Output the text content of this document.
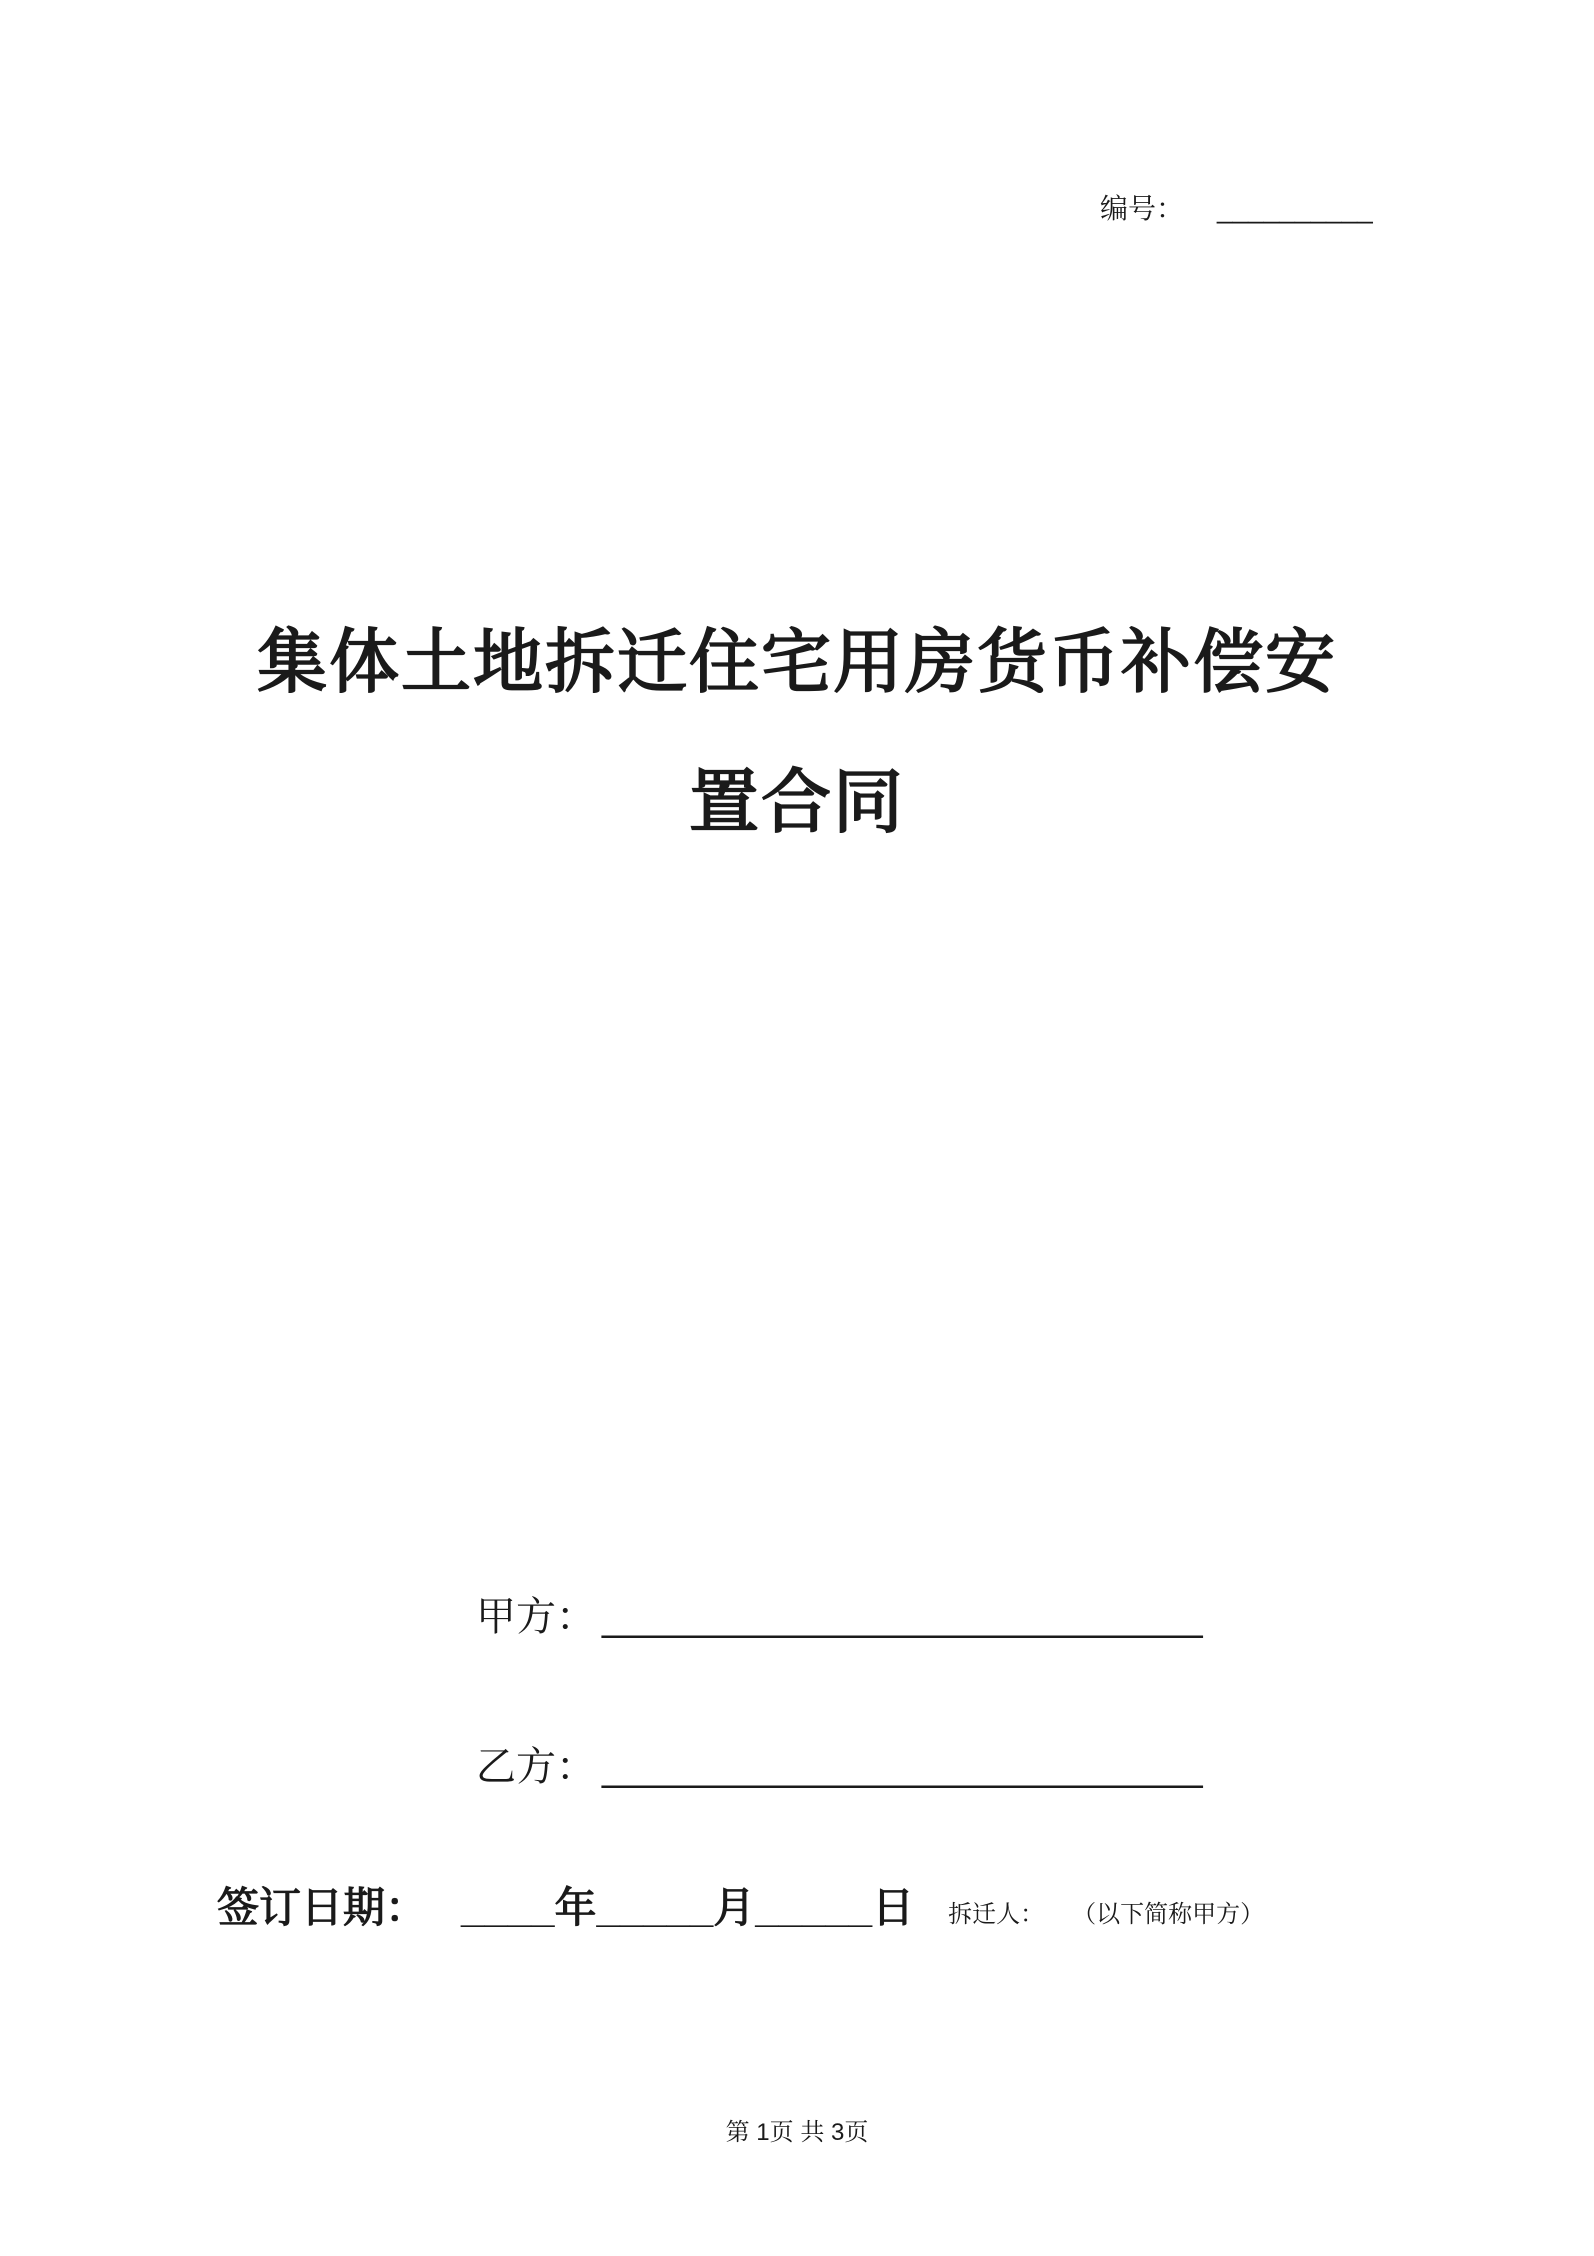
编号： __________
集体土地拆迁住宅用房货币补偿安
置合同
甲方： ___________________________
乙方： ___________________________
签订日期： ____年_____月_____日 拆迁人： （以下简称甲方）
第 1页 共 3页
